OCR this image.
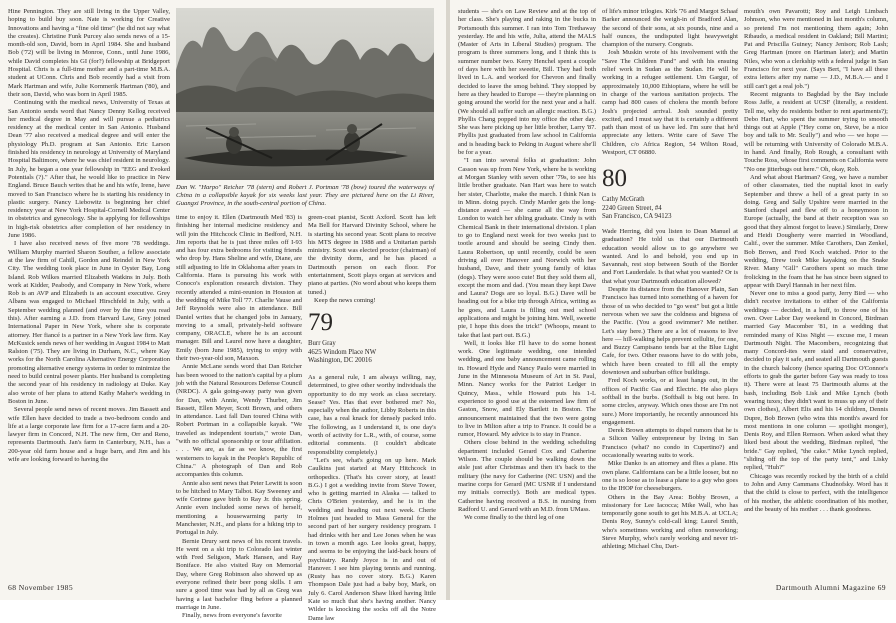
Hine Pennington. They are still living in the Upper Valley, hoping to build buy soon. Nate is working for Creative Innovations and having a "fine old time" (he did not say what the creates). Christine Funk Purcey also sends news of a 15-month-old son, David, born in April 1984. She and husband Bob ('72) will be living in Monroe, Conn., until June 1986, while David completes his GI (for?) fellowship at Bridgeport Hospital. Chris is a full-time mother and a part-time M.B.A. student at UConn. Chris and Bob recently had a visit from Mark Hartman and wife, Julie Kornmerik Hartman ('80), and their son, David, who was born in April 1985.

Continuing with the medical news, University of Texas at San Antonio sends word that Nancy Denny Kellog received her medical degree in May and will pursue a pediatrics residency at the medical center in San Antonio. Husband Dean '77 also received a medical degree and will enter the physiology Ph.D. program at San Antonio. Eric Larson finished his residency in neurology at University of Maryland Hospital Baltimore, where he was chief resident in neurology. In July, he began a one year fellowship in "EEG and Evoked Potentials (?)." After that, he would like to practice in New England. Bruce Bauch writes that he and his wife, Irene, have moved to San Francisco where he is starting his residency in plastic surgery. Nancy Liebowitz is beginning her chief residency year at New York Hospital-Cornell Medical Center in obstetrics and gynecology. She is applying for fellowships in high-risk obstetrics after completion of her residency in June 1986.

I have also received news of five more '78 weddings. William Murphy married Sharon Souther, a fellow associate at the law firm of Cahill, Gordon and Reindel in New York City. The wedding took place in June in Oyster Bay, Long Island. Rob Wilkes married Elizabeth Watkins in July. Both work at Kidder, Peabody, and Company in New York, where Rob is an AVP and Elizabeth is an account executive. Grey Albans was engaged to Michael Hirschfeld in July, with a September wedding planned (and over by the time you read this). After earning a J.D. from Harvard Law, Grey joined International Paper in New York, where she is corporate attorney. Her fiancé is a partner in a New York law firm. Kay McKusick sends news of her wedding in August 1984 to Matt Ralston ('75). They are living in Durham, N.C., where Kay works for the North Carolina Alternative Energy Corporation promoting alternative energy systems in order to minimize the need to build central power plants. Her husband is completing the second year of his residency in radiology at Duke. Kay also wrote of her plans to attend Kathy Maher's wedding in Boston in June.

Several people send news of recent moves. Jim Bassett and wife Ellen have decided to trade a two-bedroom condo and life at a large corporate law firm for a 17-acre farm and a 20-lawyer firm in Concord, N.H. The new firm, Orr and Reno, represents Dartmouth. Jan's farm in Canterbury, N.H., has a 200-year old farm house and a huge barn, and Jim and his wife are looking forward to having the

Dan W. "Harpo" Reicher '78 (stern) and Robert J. Portman '78 (bow) toured the waterways of China in a collapsible kayak for six weeks last year. They are pictured here on the Li River, Guangxi Province, in the south-central portion of China.

time to enjoy it. Ellen (Dartmouth Med '83) is finishing her internal medicine residency and will join the Hitchcock Clinic in Bedford, N.H. Jim reports that he is just three miles off I-93 and has four extra bedrooms for visiting friends who drop by. Hans Sheline and wife, Diane, are still adjusting to life in Oklahoma after years in California. Hans is pursuing his work with Conoco's exploration research division. They recently attended a mini-reunion in Houston at the wedding of Mike Toll '77. Charlie Vause and Jeff Reynolds were also in attendance. Bill Daniel writes that he changed jobs in January, moving to a small, privately-held software company, ORACLE, where he is an account manager. Bill and Laurel now have a daughter, Emily (born June 1985), trying to enjoy with their two-year-old son, Maxson.

Annie McLane sends word that Dan Reicher has been wooed to the nation's capital by a plum job with the Natural Resources Defense Council (NRDC). A gala going-away party was given for Dan, with Annie, Wendy Thurber, Jim Bassett, Ellen Meyer, Scott Brown, and others in attendance. Last fall Dan toured China with Robert Portman in a collapsible kayak. "We traveled as independent tourists," wrote Dan, "with no official sponsorship or tour affiliation. . . . We are, as far as we know, the first westerners to kayak in the People's Republic of China." A photograph of Dan and Rob accompanies this column.

Annie also sent news that Peter Lewitt is soon to be hitched to Mary Talbot. Kay Sweeney and wife Corinne gave birth to Ray Jr. this spring. Annie even included some news of herself, mentioning a housewarming party in Manchester, N.H., and plans for a hiking trip to Portugal in July.

Bernie Drury sent news of his recent travels. He went on a ski trip to Colorado last winter with Fred Seligson, Mark Hansen, and Ray Boniface. He also visited Ray on Memorial Day, where Greg Robinson also showed up as everyone refined their beer pong skills. I am sure a good time was had by all as Greg was having a last bachelor fling before a planned marriage in June.

Finally, news from everyone's favorite

green-coat pianist, Scott Axford. Scott has left Ma Bell for Harvard Divinity School, where he is starting his second year. Scott plans to receive his MTS degree in 1988 and a Unitarian parish ministry. Scott was elected proctor (chairman) of the divinity dorm, and he has placed a Dartmouth person on each floor. For entertainment, Scott plays organ at services and piano at parties. (No word about who keeps them tuned.)

Keep the news coming!

79
Burr Gray
4625 Windom Place NW
Washington, DC 20016

As a general rule, I am always willing, nay, determined, to give other worthy individuals the opportunity to do my work as class secretary. Sease? Yes. Has that ever bothered me? No, especially when the author, Libby Roberts in this case, has a real knack for densely packed info. The following, as I understand it, is one day's worth of activity for L.R., with, of course, some editorial comments. (I couldn't abdicate responsibility completely.)

"Let's see, what's going on up here. Mark Caulkins just started at Mary Hitchcock in orthopedics. (That's his cover story, at least! B.G.) I got a wedding invite from Steve Tower, who is getting married in Alaska — talked to Chris O'Brien yesterday, and he is in the wedding and heading out next week. Cherie Holmes just headed to Mass General for the second part of her surgery residency program. I had drinks with her and Lee Jones when he was in town a month ago. Lee looks great, happy, and seems to be enjoying the laid-back hours of psychiatry. Randy Joyce is in and out of Hanover. I see him playing tennis and running. (Rusty has no cover story. B.G.) Karen Thompson Dale just had a baby boy, Mark, on July 6. Carol Anderson Shaw liked having little Kate so much that she's having another. Nancy Wilder is knocking the socks off all the Notre Dame law

68 November 1985

students — she's on Law Review and at the top of her class. She's playing and raking in the bucks in Portsmouth this summer. I ran into Tom Trethaway yesterday. He and his wife, Julia, attend the MALS (Master of Arts in Liberal Studies) program. The program is three summers long, and I think this is summer number two. Kerry Henchel spent a couple of days here with her sweetie, Bill. They had both lived in L.A. and worked for Chevron and finally decided to leave the smog behind. They stopped by here as they headed to Europe — they're planning on going around the world for the next year and a half. (We should all suffer such an allergic reaction. B.G.) Phyllis Chang popped into my office the other day. She was here picking up her little brother, Larry '87. Phyllis just graduated from law school in California and is heading back to Peking in August where she'll be for a year.

"I ran into several folks at graduation: John Casson was up from New York, where he is working at Morgan Stanley with seven other '79s, to see his little brother graduate. Nan Hart was here to watch her sister, Charlotte, make the march. I think Nan is in Minn. doing psych. Cindy Marder gets the long-distance award — she came all the way from London to watch her sibling graduate. Cindy is with Chemical Bank in their international division. I plan to go to England next week for two weeks just to tootle around and should be seeing Cindy then. Laura Robertson, up until recently, could be seen driving all over Hanover and Norwich with her husband, Dave, and their young family of kitas (dogs). They were sooo cute! But they sold them all, except the mom and dad. (You mean they kept Dave and Laura? Dogs are so loyal. B.G.) Dave will be heading out for a bike trip through Africa, writing as he goes, and Laura is filling out med school applications and might be joining him. Well, sweetie pie, I hope this does the trick!" (Whoops, meant to take that last part out. B.G.)

Well, it looks like I'll have to do some honest work. One legitimate wedding, one intended wedding, and one baby announcement came rolling in. Howard Hyde and Nancy Paulo were married in June in the Minnesota Museum of Art in St. Paul, Minn. Nancy works for the Patriot Ledger in Quincy, Mass., while Howard puts his 1-L experience to good use at the esteemed law firm of Gaston, Snow, and Ely Bartlett in Boston. The announcement maintained that the two were going to live in Milton after a trip to France. It could be a rumor, Howard. My advice is to stay in France.

Others close behind in the wedding scheduling department included Gerard Cox and Catherine Wilson. The couple should be walking down the aisle just after Christmas and then it's back to the military (the navy for Catherine (NC USN) and the marine corps for Gerard (MC USNR if I understand my initials correctly). Both are medical types. Catherine having received a B.S. in nursing from Radford U. and Gerard with an M.D. from UMass.

We come finally to the third leg of one

of life's minor trilogies. Kirk '76 and Margot Schaaf Barker announced the weigh-in of Bradford Alan, the second of their sons, at six pounds, nine and a half ounces, the undisputed light heavyweight champion of the nursery. Congrats.

Josh Muskin wrote of his involvement with the "Save The Children Fund" and with his ensuing relief work in Sudan as the Sudan. He will be working in a refugee settlement. Um Gargur, of approximately 10,000 Ethiopians, where he will be in charge of the various sanitation projects. The camp had 800 cases of cholera the month before Josh's projected arrival. Josh sounded pretty excited, and I must say that it is certainly a different path than most of us have led. I'm sure that he'd appreciate any letters. Write care of Save The Children, c/o Africa Region, 54 Wilton Road, Westport, CT 06880.

80
Cathy McGrath
2240 Green Street, #4
San Francisco, CA 94123

Wade Herring, did you listen to Dean Manuel at graduation? He told us that our Dartmouth education would allow us to go anywhere we wanted. And lo and behold, you end up in Savannah, rest stop between South of the Border and Fort Lauderdale. Is that what you wanted? Or is that what your Dartmouth education allowed?

Despite its distance from the Hanover Plain, San Francisco has turned into something of a haven for those of us who decided to "go west" but got a little nervous when we saw the coldness and bigness of the Pacific. (You a good swimmer? Me neither. Let's stay here.) There are a lot of reasons to live here — hill-walking helps prevent cellulite, for one, and Buzzy Campisano tends bar at the Blue Light Cafe, for two. Other reasons have to do with jobs, which have been created to fill all the empty downtown and suburban office buildings.

Fred Koch works, or at least hangs out, in the offices of Pacific Gas and Electric. He also plays softball in the burbs. (Softball is big out here. In some circles, anyway. Which ones those are I'm not sure.) More importantly, he recently announced his engagement.

Derek Brown attempts to dispel rumors that he is a Silicon Valley entrepreneur by living in San Francisco (what? no condo in Cupertino?) and occasionally wearing suits to work.

Mike Danko is an attorney and flies a plane. His own plane. Californians can be a little looser, but no one is so loose as to lease a plane to a guy who goes to the IHOP for cheeseburgers.

Others in the Bay Area: Bobby Brown, a missionary for Lee Iacocca; Mike Wall, who has temporarily gone south to get his M.B.A. at UCLA; Denis Roy, Sunny's cold-call king; Laurel Smith, who's sometimes working and often nonworking; Steve Murphy, who's rarely working and never tri-athleting; Michael Chu, Dart-

mouth's own Pavarotti; Roy and Leigh Limbach Johnson, who were mentioned in last month's column, so pretend I'm not mentioning them again; John Ribaudo, a medical resident in Oakland; Bill Martini; Pat and Priscilla Guiney; Nancy Jenison; Rob Lash; Greg Hartman (more on Hartman later); and Martin Niles, who won a clerkship with a federal judge in San Francisco for next year. (Says Bert, "I have all these extra letters after my name — J.D., M.B.A.— and I still can't get a real job.")

Recent migrants to Baghdad by the Bay include Ross Jaffe, a resident at UCSF (literally, a resident. Tell me, why do residents bother to rent apartments?); Debo Hart, who spent the summer trying to smooth things out at Apple ("Hey come on, Steve, be a nice boy and talk to Mr. Scully") and who — we hope — will be returning with University of Colorado M.B.A. in hand. And finally, Rob Rough, a consultant with Touche Ross, whose first comments on California were "No one jitterbugs out here." Oh, okay, Rob.

And what about Hartman? Greg, we have a number of other classmates, tied the nuptial knot in early September and threw a hell of a great party in so doing. Greg and Sally Upshire were married in the Stanford chapel and flew off to a honeymoon in Europe (actually, the band at their reception was so good that they almost forgot to leave.) Similarly, Drew and Heidi Dougherty were married in Woodland, Calif., over the summer. Mike Carothers, Dan Zenkel, Bob Brown, and Fred Koch watched. Prior to the wedding, Drew took Mike kayaking on the Snake River. Many "Gill" Carothers spent so much time frolicking in the foam that he has since been signed to appear with Daryl Hannah in her next film.

Never one to miss a good party, Jerry Bird — who didn't receive invitations to either of the California weddings — decided, in a huff, to throw one of his own. Over Labor Day weekend in Concord, Birdman married Gay Macomber '81, in a wedding that reminded many of Kiss Night — excuse me, I mean Dartmouth Night. The Macombers, recognizing that many Concord-ites were staid and conservative, decided to play it safe, and seated all Dartmouth guests in the church balcony (hence sparing Doc O'Connor's efforts to grab the garter before Gay was ready to toss it). There were at least 75 Dartmouth alums at the bash, including Bob Lisk and Mike Lynch (both wearing tuxes; they didn't want to muss up any of their own clothes), Albert Elis and his 14 children, Dennis Dupre, Bob Brown (who wins this month's award for most mentions in one column — spotlight monger), Denis Roy, and Ellen Remson. When asked what they liked best about the wedding, Birdman replied, "the bride." Gay replied, "the cake." Mike Lynch replied, "sliding off the top of the party tent," and Lisky replied, "Huh?"

Chicago was recently rocked by the birth of a child to John and Amy Cammans Chudnofsky. Word has it that the child is close to perfect, with the intelligence of his mother, the athletic coordination of his mother, and the beauty of his mother . . . thank goodness.

Dartmouth Alumni Magazine 69
